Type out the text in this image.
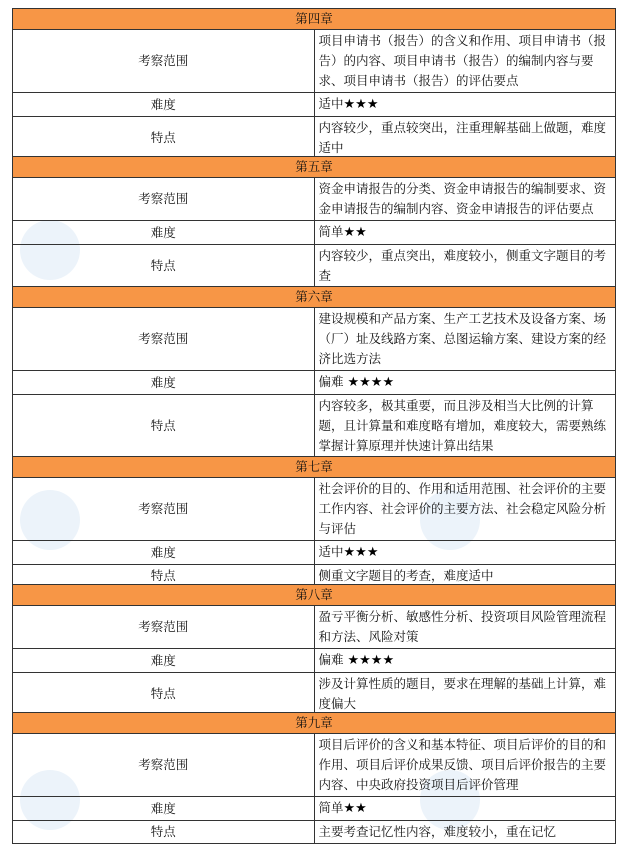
第四章	
考察范围	项目申请书（报告）的含义和作用、项目申请书（报告）的内容、项目申请书（报告）的编制内容与要求、项目申请书（报告）的评估要点
难度	适中★★★
特点	内容较少，重点较突出，注重理解基础上做题，难度适中
第五章	
考察范围	资金申请报告的分类、资金申请报告的编制要求、资金申请报告的编制内容、资金申请报告的评估要点
难度	简单★★
特点	内容较少，重点突出，难度较小，侧重文字题目的考查
第六章	
考察范围	建设规模和产品方案、生产工艺技术及设备方案、场（厂）址及线路方案、总图运输方案、建设方案的经济比选方法
难度	偏难 ★★★★
特点	内容较多，极其重要，而且涉及相当大比例的计算题，且计算量和难度略有增加，难度较大，需要熟练掌握计算原理并快速计算出结果
第七章	
考察范围	社会评价的目的、作用和适用范围、社会评价的主要工作内容、社会评价的主要方法、社会稳定风险分析与评估
难度	适中★★★
特点	侧重文字题目的考查，难度适中
第八章	
考察范围	盈亏平衡分析、敏感性分析、投资项目风险管理流程和方法、风险对策
难度	偏难 ★★★★
特点	涉及计算性质的题目，要求在理解的基础上计算，难度偏大
第九章	
考察范围	项目后评价的含义和基本特征、项目后评价的目的和作用、项目后评价成果反馈、项目后评价报告的主要内容、中央政府投资项目后评价管理
难度	简单★★
特点	主要考查记忆性内容，难度较小，重在记忆
